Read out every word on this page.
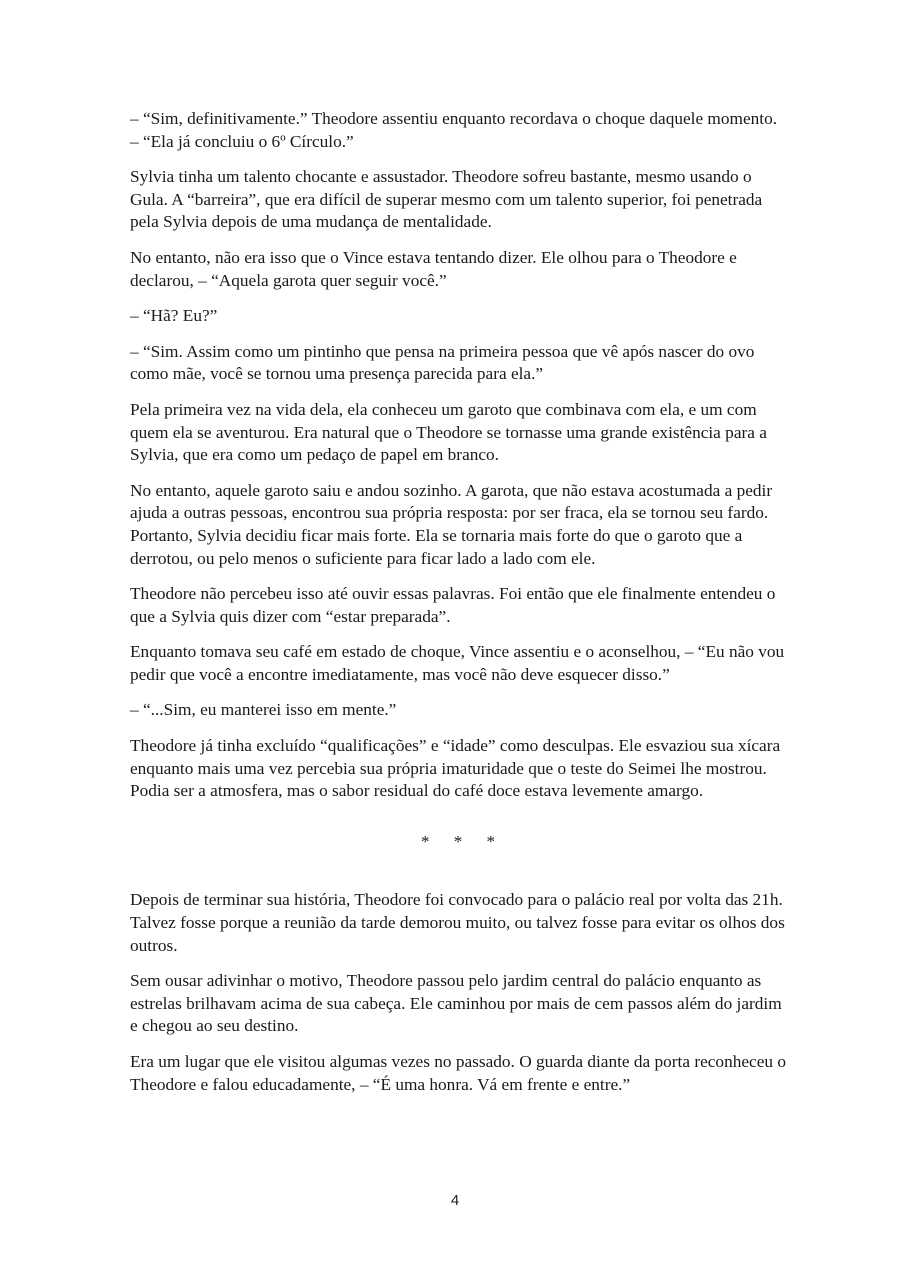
– “Sim, definitivamente.” Theodore assentiu enquanto recordava o choque daquele momento. – “Ela já concluiu o 6º Círculo.”

Sylvia tinha um talento chocante e assustador. Theodore sofreu bastante, mesmo usando o Gula. A “barreira”, que era difícil de superar mesmo com um talento superior, foi penetrada pela Sylvia depois de uma mudança de mentalidade.

No entanto, não era isso que o Vince estava tentando dizer. Ele olhou para o Theodore e declarou, – “Aquela garota quer seguir você.”

– “Hã? Eu?”

– “Sim. Assim como um pintinho que pensa na primeira pessoa que vê após nascer do ovo como mãe, você se tornou uma presença parecida para ela.”

Pela primeira vez na vida dela, ela conheceu um garoto que combinava com ela, e um com quem ela se aventurou. Era natural que o Theodore se tornasse uma grande existência para a Sylvia, que era como um pedaço de papel em branco.

No entanto, aquele garoto saiu e andou sozinho. A garota, que não estava acostumada a pedir ajuda a outras pessoas, encontrou sua própria resposta: por ser fraca, ela se tornou seu fardo. Portanto, Sylvia decidiu ficar mais forte. Ela se tornaria mais forte do que o garoto que a derrotou, ou pelo menos o suficiente para ficar lado a lado com ele.

Theodore não percebeu isso até ouvir essas palavras. Foi então que ele finalmente entendeu o que a Sylvia quis dizer com “estar preparada”.

Enquanto tomava seu café em estado de choque, Vince assentiu e o aconselhou, – “Eu não vou pedir que você a encontre imediatamente, mas você não deve esquecer disso.”

– “...Sim, eu manterei isso em mente.”

Theodore já tinha excluído “qualificações” e “idade” como desculpas. Ele esvaziou sua xícara enquanto mais uma vez percebia sua própria imaturidade que o teste do Seimei lhe mostrou. Podia ser a atmosfera, mas o sabor residual do café doce estava levemente amargo.

* * *

Depois de terminar sua história, Theodore foi convocado para o palácio real por volta das 21h. Talvez fosse porque a reunião da tarde demorou muito, ou talvez fosse para evitar os olhos dos outros.

Sem ousar adivinhar o motivo, Theodore passou pelo jardim central do palácio enquanto as estrelas brilhavam acima de sua cabeça. Ele caminhou por mais de cem passos além do jardim e chegou ao seu destino.

Era um lugar que ele visitou algumas vezes no passado. O guarda diante da porta reconheceu o Theodore e falou educadamente, – “É uma honra. Vá em frente e entre.”

4
